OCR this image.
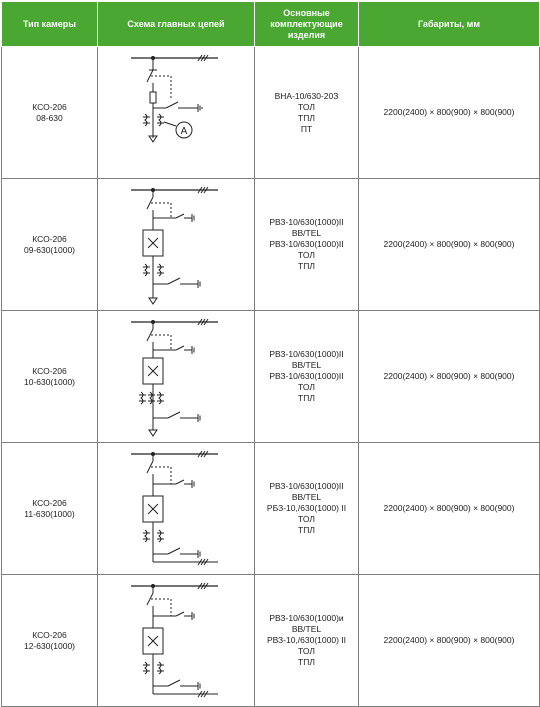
Тип камеры	Схема главных цепей	Основные комплектующие изделия	Габариты, мм

КСО-206
08-630	A	ВНА-10/630-20З
ТОЛ
ТПЛ
ПТ	2200(2400) × 800(900) × 800(900)

КСО-206
09-630(1000)		РВЗ-10/630(1000)II
BB/TEL
РВЗ-10/630(1000)II
ТОЛ
ТПЛ	2200(2400) × 800(900) × 800(900)

КСО-206
10-630(1000)		РВЗ-10/630(1000)II
BB/TEL
РВЗ-10/630(1000)II
ТОЛ
ТПЛ	2200(2400) × 800(900) × 800(900)

КСО-206
11-630(1000)		РВЗ-10/630(1000)II
BB/TEL
РБЗ-10,/630(1000) II
ТОЛ
ТПЛ	2200(2400) × 800(900) × 800(900)

КСО-206
12-630(1000)		РВЗ-10/630(1000)и
BB/TEL
РВЗ-10,/630(1000) II
ТОЛ
ТПЛ	2200(2400) × 800(900) × 800(900)
